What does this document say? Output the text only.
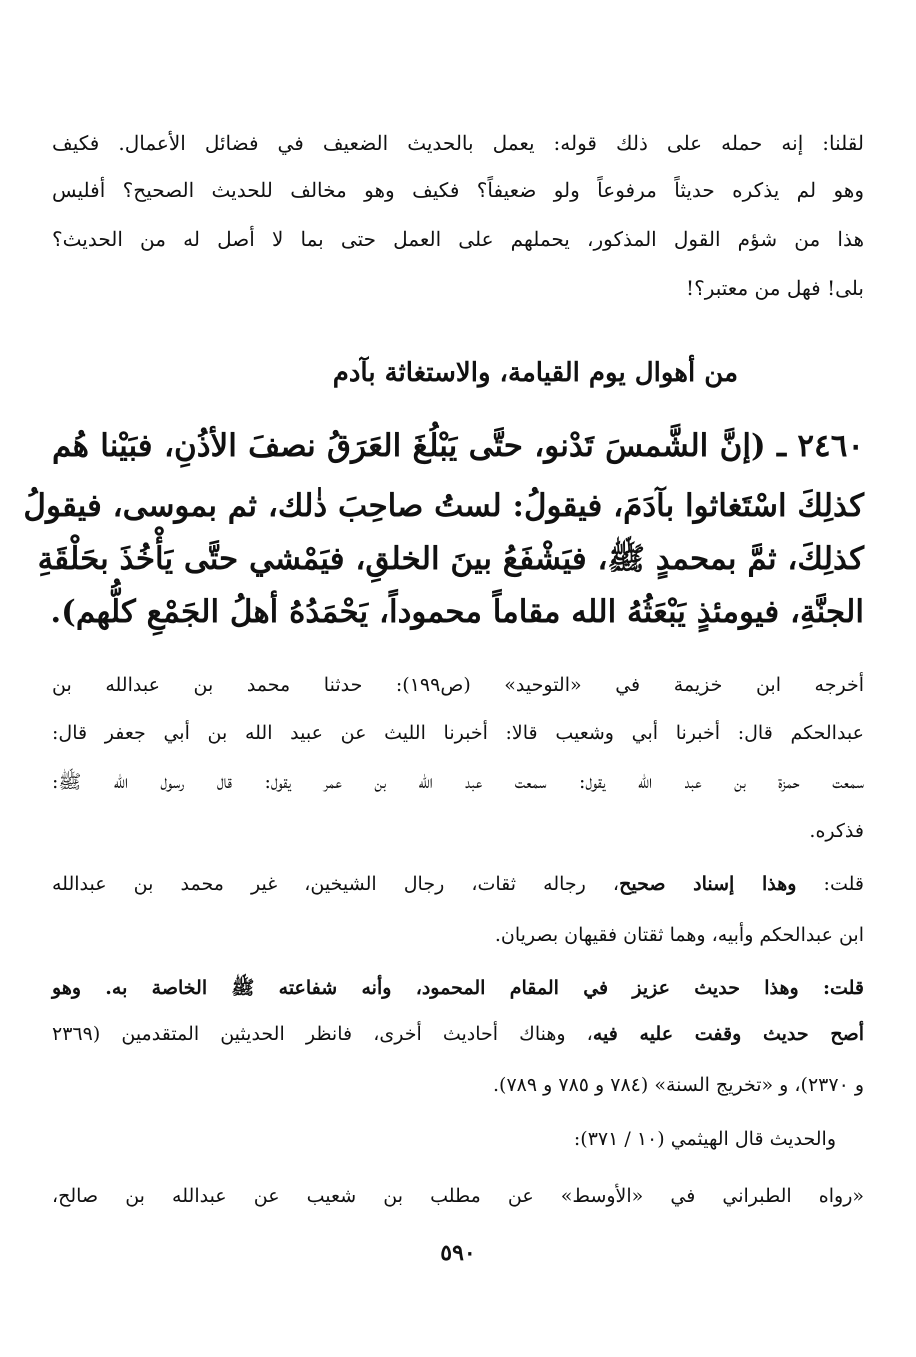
لقلنا: إنه حمله على ذلك قوله: يعمل بالحديث الضعيف في فضائل الأعمال. فكيف

وهو لم يذكره حديثاً مرفوعاً ولو ضعيفاً؟ فكيف وهو مخالف للحديث الصحيح؟ أفليس

هذا من شؤم القول المذكور، يحملهم على العمل حتى بما لا أصل له من الحديث؟

بلى! فهل من معتبر؟!

من أهوال يوم القيامة، والاستغاثة بآدم

٢٤٦٠ ـ (إنَّ الشَّمسَ تَدْنو، حتَّى يَبْلُغَ العَرَقُ نصفَ الأذُنِ، فبَيْنا هُم

كذلِكَ اسْتَغاثوا بآدَمَ، فيقولُ: لستُ صاحِبَ ذٰلك، ثم بموسى، فيقولُ

كذلِكَ، ثمَّ بمحمدٍ ﷺ، فيَشْفَعُ بينَ الخلقِ، فيَمْشي حتَّى يَأْخُذَ بحَلْقَةِ

الجنَّةِ، فيومئذٍ يَبْعَثُهُ الله مقاماً محموداً، يَحْمَدُهُ أهلُ الجَمْعِ كلُّهم).

أخرجه ابن خزيمة في «التوحيد» (ص١٩٩): حدثنا محمد بن عبدالله بن

عبدالحكم قال: أخبرنا أبي وشعيب قالا: أخبرنا الليث عن عبيد الله بن أبي جعفر قال:

سمعت حمزة بن عبد الله يقول: سمعت عبد الله بن عمر يقول: قال رسول الله ﷺ:

فذكره.

قلت: وهذا إسناد صحيح، رجاله ثقات، رجال الشيخين، غير محمد بن عبدالله

ابن عبدالحكم وأبيه، وهما ثقتان فقيهان بصريان.

قلت: وهذا حديث عزيز في المقام المحمود، وأنه شفاعته ﷺ الخاصة به. وهو

أصح حديث وقفت عليه فيه، وهناك أحاديث أخرى، فانظر الحديثين المتقدمين (٢٣٦٩

و ٢٣٧٠)، و «تخريج السنة» (٧٨٤ و ٧٨٥ و ٧٨٩).

والحديث قال الهيثمي (١٠ / ٣٧١):

«رواه الطبراني في «الأوسط» عن مطلب بن شعيب عن عبدالله بن صالح،

٥٩٠
